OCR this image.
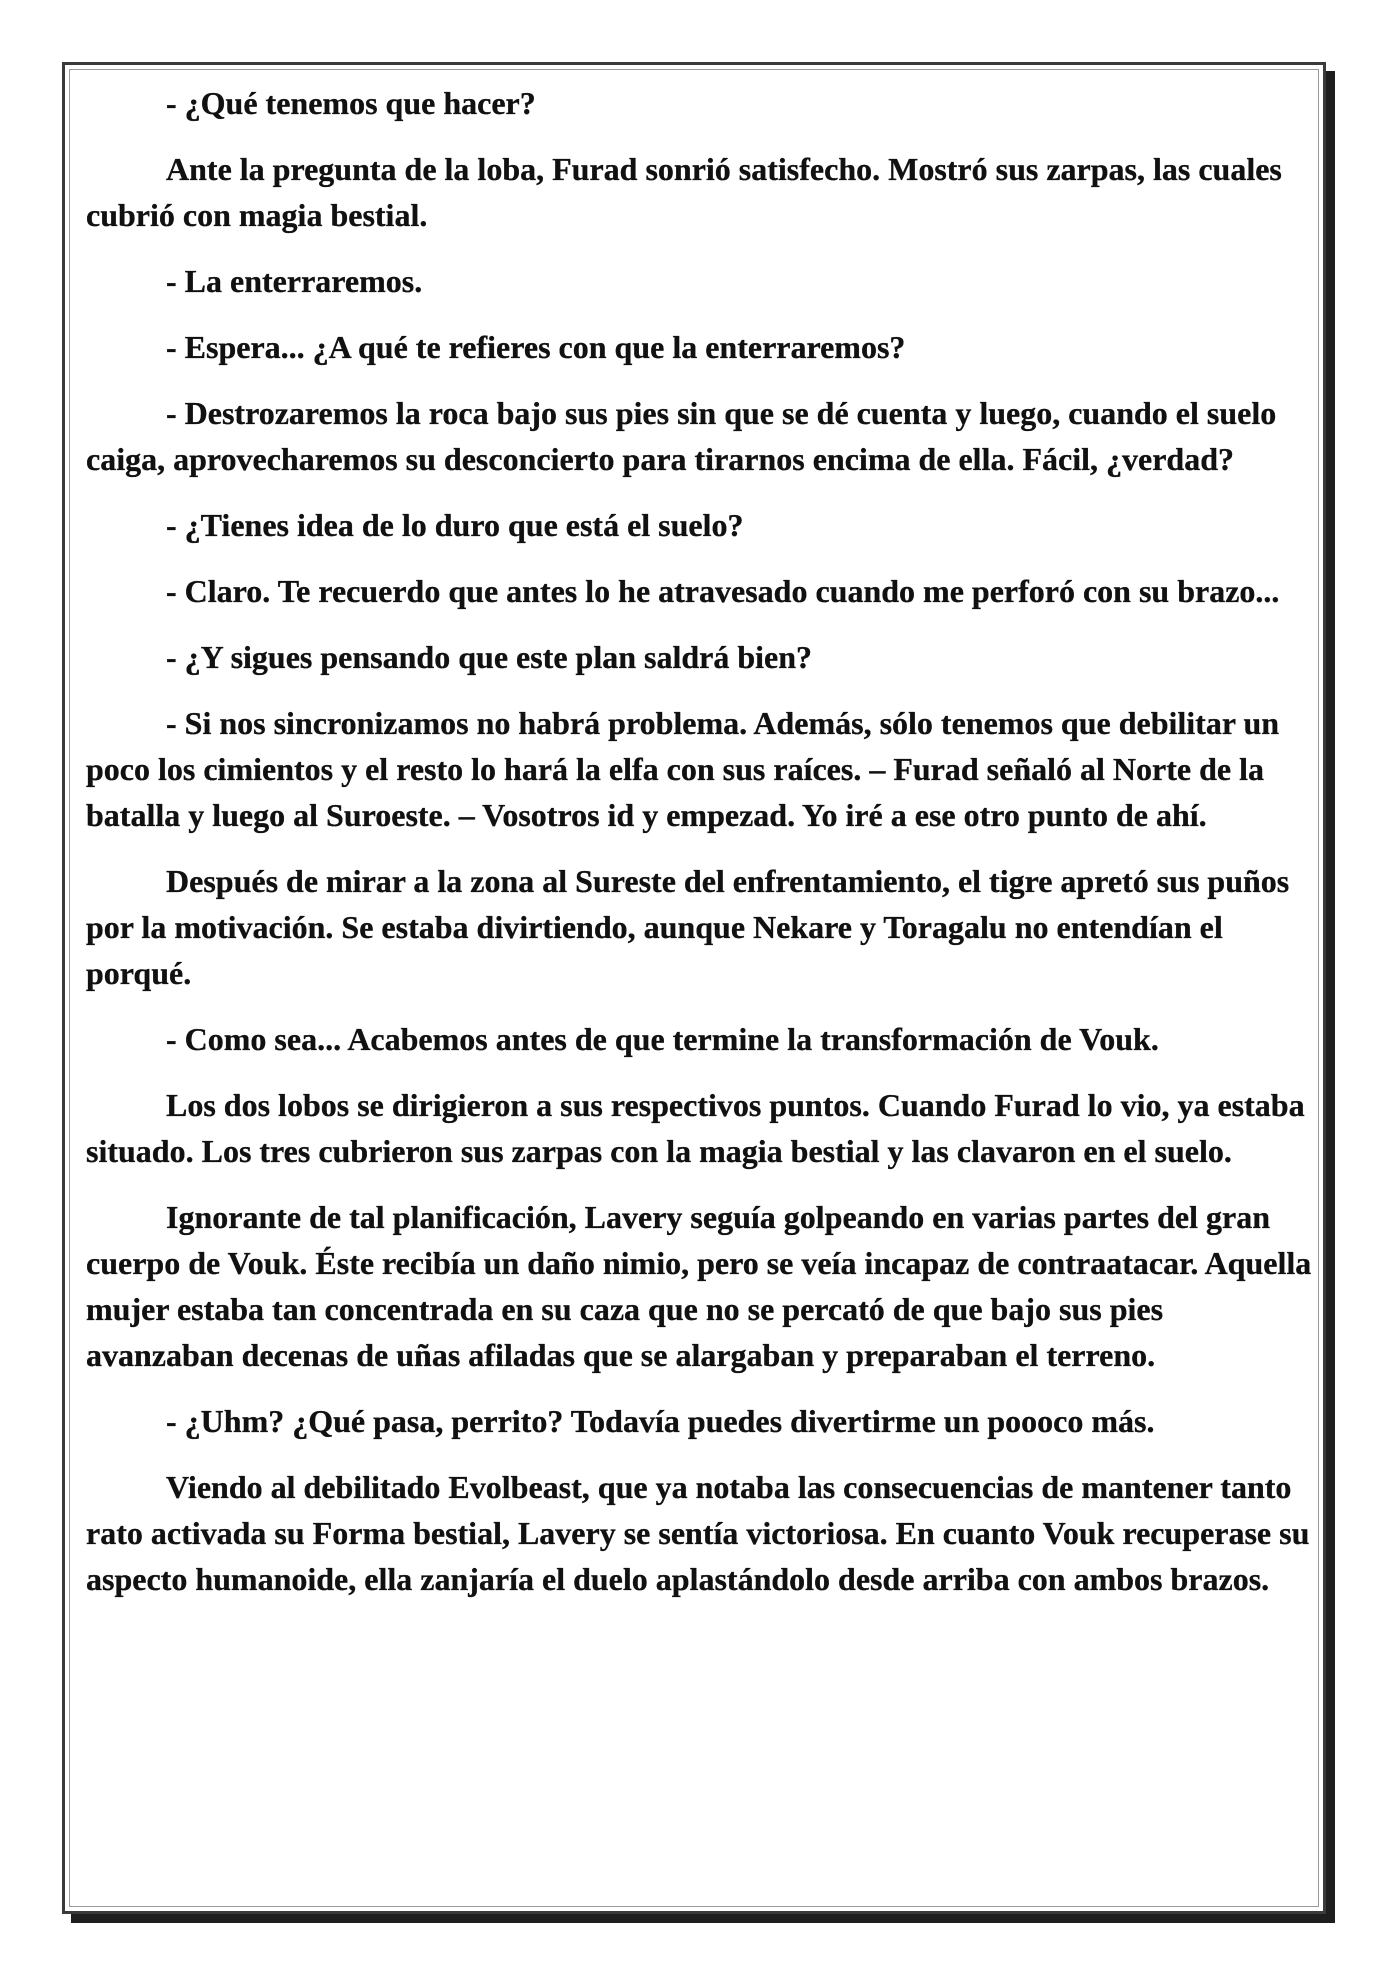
- ¿Qué tenemos que hacer?

Ante la pregunta de la loba, Furad sonrió satisfecho. Mostró sus zarpas, las cuales cubrió con magia bestial.

- La enterraremos.

- Espera... ¿A qué te refieres con que la enterraremos?

- Destrozaremos la roca bajo sus pies sin que se dé cuenta y luego, cuando el suelo caiga, aprovecharemos su desconcierto para tirarnos encima de ella. Fácil, ¿verdad?

- ¿Tienes idea de lo duro que está el suelo?

- Claro. Te recuerdo que antes lo he atravesado cuando me perforó con su brazo...

- ¿Y sigues pensando que este plan saldrá bien?

- Si nos sincronizamos no habrá problema. Además, sólo tenemos que debilitar un poco los cimientos y el resto lo hará la elfa con sus raíces. – Furad señaló al Norte de la batalla y luego al Suroeste. – Vosotros id y empezad. Yo iré a ese otro punto de ahí.

Después de mirar a la zona al Sureste del enfrentamiento, el tigre apretó sus puños por la motivación. Se estaba divirtiendo, aunque Nekare y Toragalu no entendían el porqué.

- Como sea... Acabemos antes de que termine la transformación de Vouk.

Los dos lobos se dirigieron a sus respectivos puntos. Cuando Furad lo vio, ya estaba situado. Los tres cubrieron sus zarpas con la magia bestial y las clavaron en el suelo.

Ignorante de tal planificación, Lavery seguía golpeando en varias partes del gran cuerpo de Vouk. Éste recibía un daño nimio, pero se veía incapaz de contraatacar. Aquella mujer estaba tan concentrada en su caza que no se percató de que bajo sus pies avanzaban decenas de uñas afiladas que se alargaban y preparaban el terreno.

- ¿Uhm? ¿Qué pasa, perrito? Todavía puedes divertirme un poooco más.

Viendo al debilitado Evolbeast, que ya notaba las consecuencias de mantener tanto rato activada su Forma bestial, Lavery se sentía victoriosa. En cuanto Vouk recuperase su aspecto humanoide, ella zanjaría el duelo aplastándolo desde arriba con ambos brazos.
